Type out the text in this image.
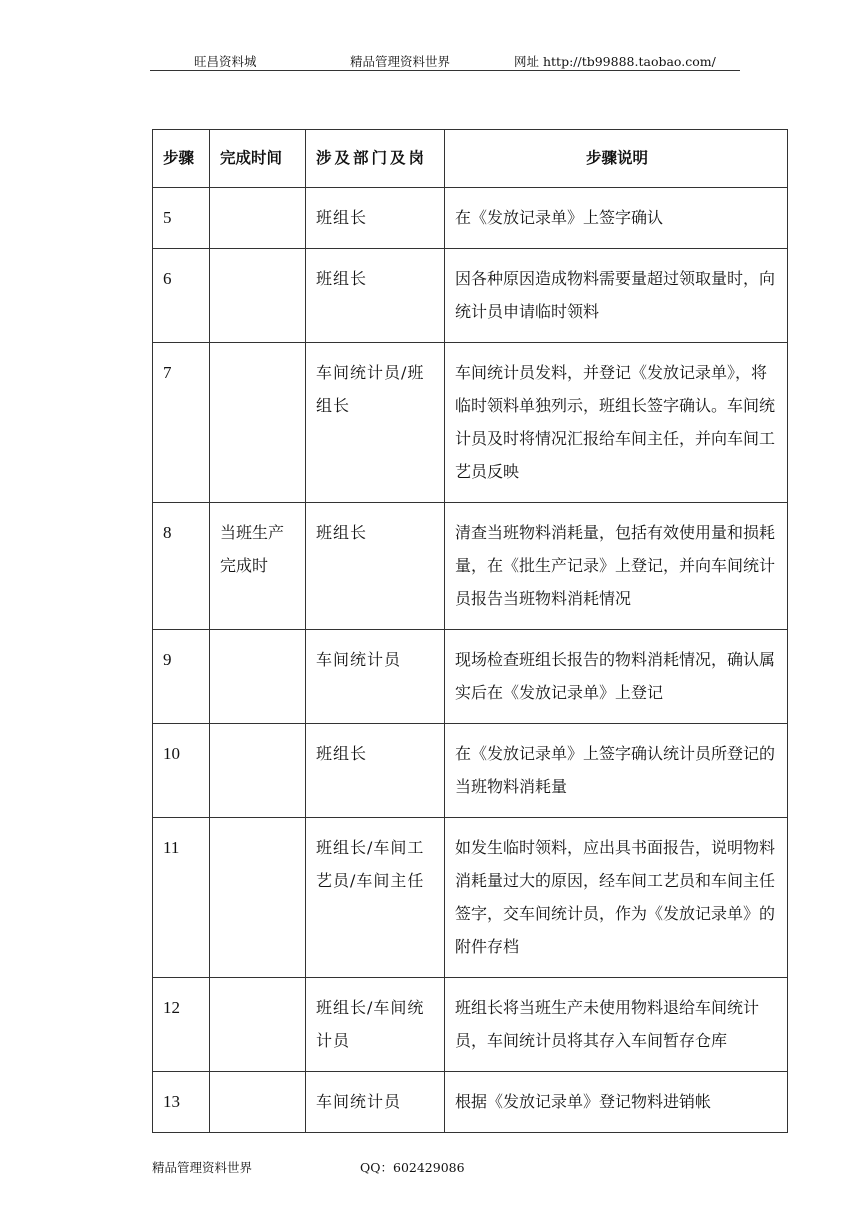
旺昌资料城	精品管理资料世界	网址 http://tb99888.taobao.com/
步骤	完成时间	涉及部门及岗	步骤说明
5		班组长	在《发放记录单》上签字确认
6		班组长	因各种原因造成物料需要量超过领取量时，向统计员申请临时领料
7		车间统计员/班组长	车间统计员发料，并登记《发放记录单》，将临时领料单独列示，班组长签字确认。车间统计员及时将情况汇报给车间主任，并向车间工艺员反映
8	当班生产完成时	班组长	清查当班物料消耗量，包括有效使用量和损耗量，在《批生产记录》上登记，并向车间统计员报告当班物料消耗情况
9		车间统计员	现场检查班组长报告的物料消耗情况，确认属实后在《发放记录单》上登记
10		班组长	在《发放记录单》上签字确认统计员所登记的当班物料消耗量
11		班组长/车间工艺员/车间主任	如发生临时领料，应出具书面报告，说明物料消耗量过大的原因，经车间工艺员和车间主任签字，交车间统计员，作为《发放记录单》的附件存档
12		班组长/车间统计员	班组长将当班生产未使用物料退给车间统计员，车间统计员将其存入车间暂存仓库
13		车间统计员	根据《发放记录单》登记物料进销帐
精品管理资料世界	QQ：602429086
